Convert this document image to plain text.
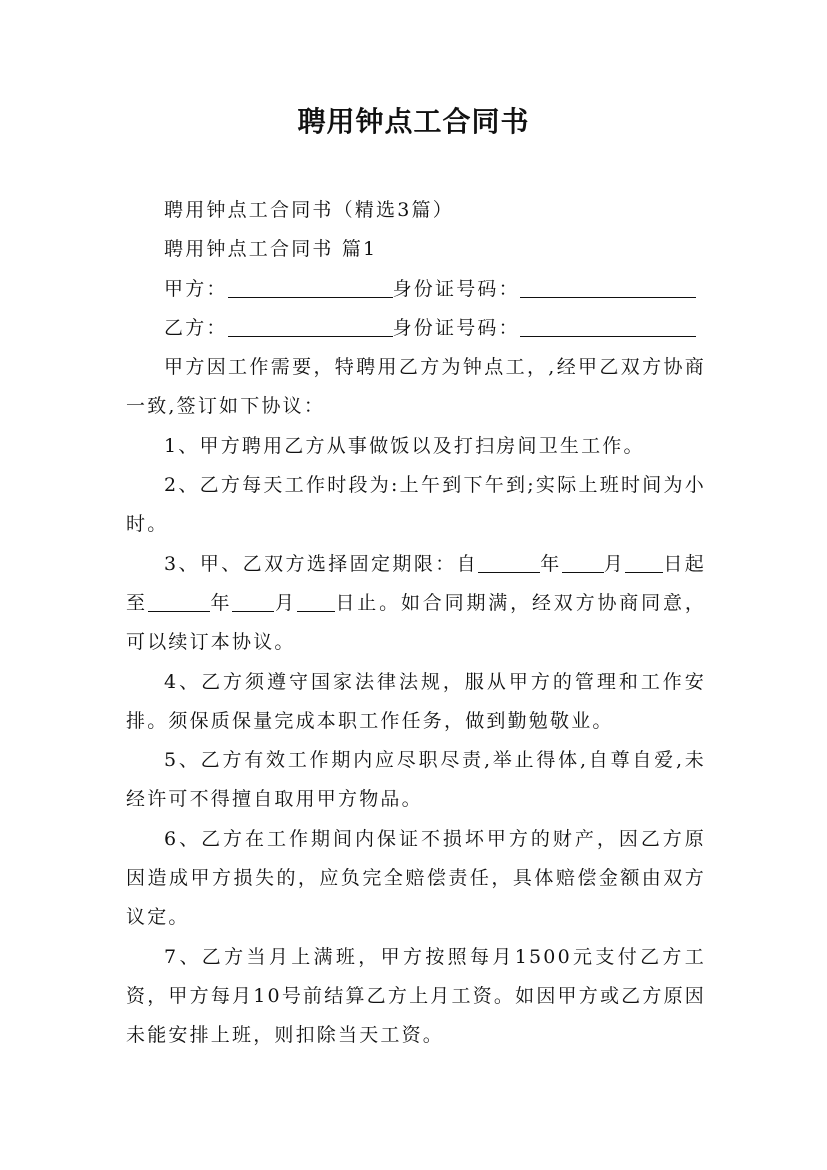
聘用钟点工合同书

聘用钟点工合同书（精选3篇）

聘用钟点工合同书 篇1

甲方：	身份证号码：

乙方：	身份证号码：

甲方因工作需要，特聘用乙方为钟点工，,经甲乙双方协商一致,签订如下协议：

1、甲方聘用乙方从事做饭以及打扫房间卫生工作。

2、乙方每天工作时段为:上午到下午到;实际上班时间为小时。

3、甲、乙双方选择固定期限：自	年 月 日起至	年 月 日止。如合同期满，经双方协商同意，可以续订本协议。

4、乙方须遵守国家法律法规，服从甲方的管理和工作安排。须保质保量完成本职工作任务，做到勤勉敬业。

5、乙方有效工作期内应尽职尽责,举止得体,自尊自爱,未经许可不得擅自取用甲方物品。

6、乙方在工作期间内保证不损坏甲方的财产，因乙方原因造成甲方损失的，应负完全赔偿责任，具体赔偿金额由双方议定。

7、乙方当月上满班，甲方按照每月1500元支付乙方工资，甲方每月10号前结算乙方上月工资。如因甲方或乙方原因未能安排上班，则扣除当天工资。
